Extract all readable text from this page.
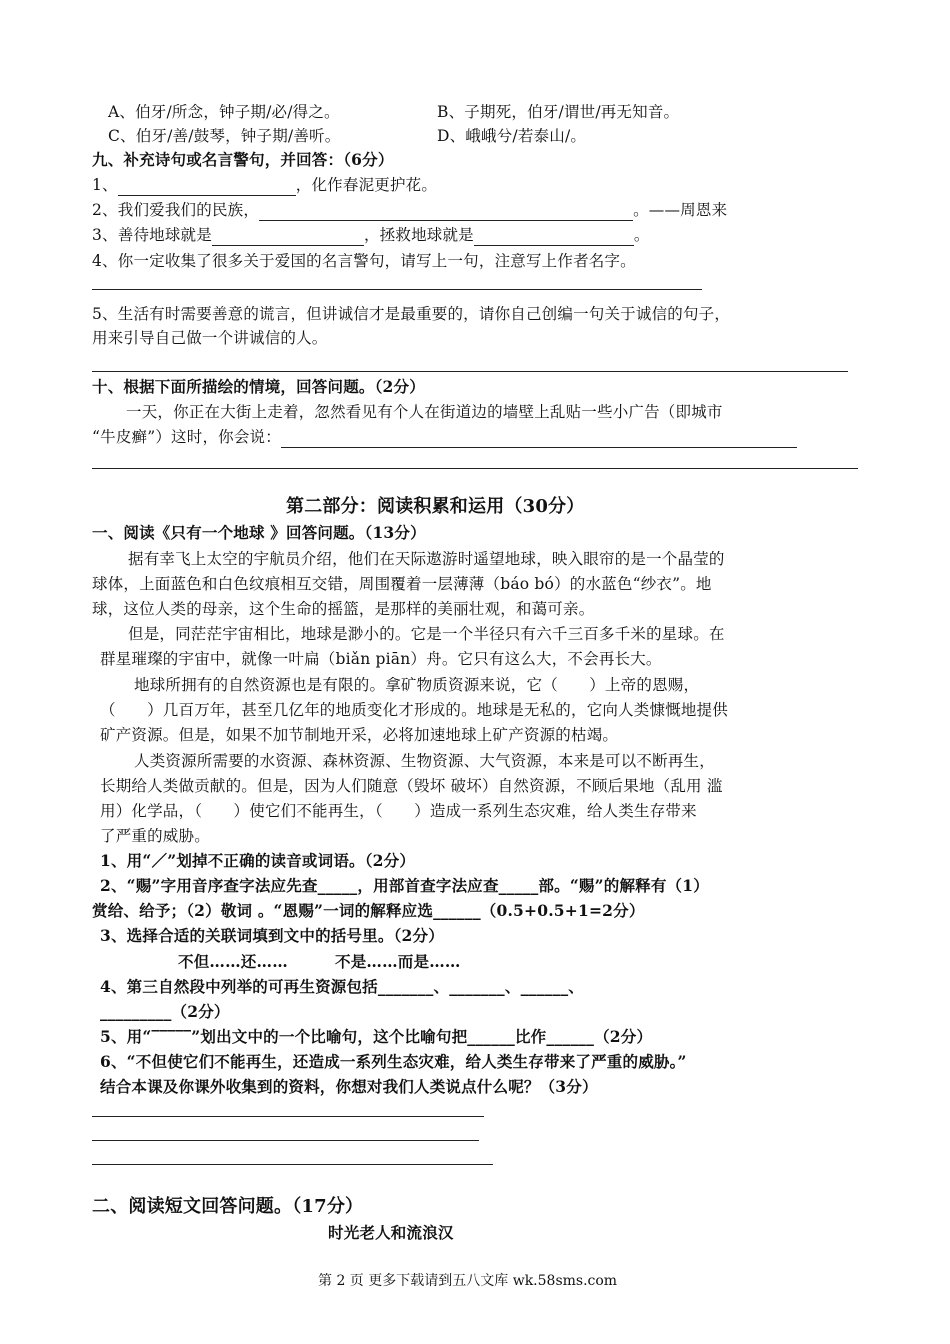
A、伯牙/所念，钟子期/必/得之。	B、子期死，伯牙/谓世/再无知音。
C、伯牙/善/鼓琴，钟子期/善听。	D、峨峨兮/若泰山/。
九、补充诗句或名言警句，并回答：（6分）
1、	，化作春泥更护花。
2、我们爱我们的民族，	。——周恩来
3、善待地球就是	，拯救地球就是	。
4、你一定收集了很多关于爱国的名言警句，请写上一句，注意写上作者名字。
5、生活有时需要善意的谎言，但讲诚信才是最重要的，请你自己创编一句关于诚信的句子，
用来引导自己做一个讲诚信的人。
十、根据下面所描绘的情境，回答问题。（2分）
一天，你正在大街上走着，忽然看见有个人在街道边的墙壁上乱贴一些小广告（即城市
“牛皮癣”）这时，你会说：
第二部分：阅读积累和运用（30分）
一、阅读《只有一个地球 》回答问题。（13分）
据有幸飞上太空的宇航员介绍，他们在天际遨游时遥望地球，映入眼帘的是一个晶莹的
球体，上面蓝色和白色纹痕相互交错，周围覆着一层薄薄（báo bó）的水蓝色“纱衣”。地
球，这位人类的母亲，这个生命的摇篮，是那样的美丽壮观，和蔼可亲。
但是，同茫茫宇宙相比，地球是渺小的。它是一个半径只有六千三百多千米的星球。在
群星璀璨的宇宙中，就像一叶扁（biǎn piān）舟。它只有这么大，不会再长大。
地球所拥有的自然资源也是有限的。拿矿物质资源来说，它（　　）上帝的恩赐，
（　　）几百万年，甚至几亿年的地质变化才形成的。地球是无私的，它向人类慷慨地提供
矿产资源。但是，如果不加节制地开采，必将加速地球上矿产资源的枯竭。
人类资源所需要的水资源、森林资源、生物资源、大气资源，本来是可以不断再生，
长期给人类做贡献的。但是，因为人们随意（毁坏 破坏）自然资源，不顾后果地（乱用 滥
用）化学品，（　　）使它们不能再生，（　　）造成一系列生态灾难，给人类生存带来
了严重的威胁。
1、用“／”划掉不正确的读音或词语。（2分）
2、“赐”字用音序查字法应先查_____，用部首查字法应查_____部。“赐”的解释有（1）
赏给、给予；（2）敬词 。“恩赐”一词的解释应选______（0.5+0.5+1=2分）
3、选择合适的关联词填到文中的括号里。（2分）
不但……还……　　　不是……而是……
4、第三自然段中列举的可再生资源包括_______、_______、______、
_________（2分）
5、用“‾‾‾‾‾”划出文中的一个比喻句，这个比喻句把______比作______（2分）
6、“不但使它们不能再生，还造成一系列生态灾难，给人类生存带来了严重的威胁。”
结合本课及你课外收集到的资料，你想对我们人类说点什么呢？（3分）
二、阅读短文回答问题。（17分）
时光老人和流浪汉
第 2 页 更多下载请到五八文库 wk.58sms.com
